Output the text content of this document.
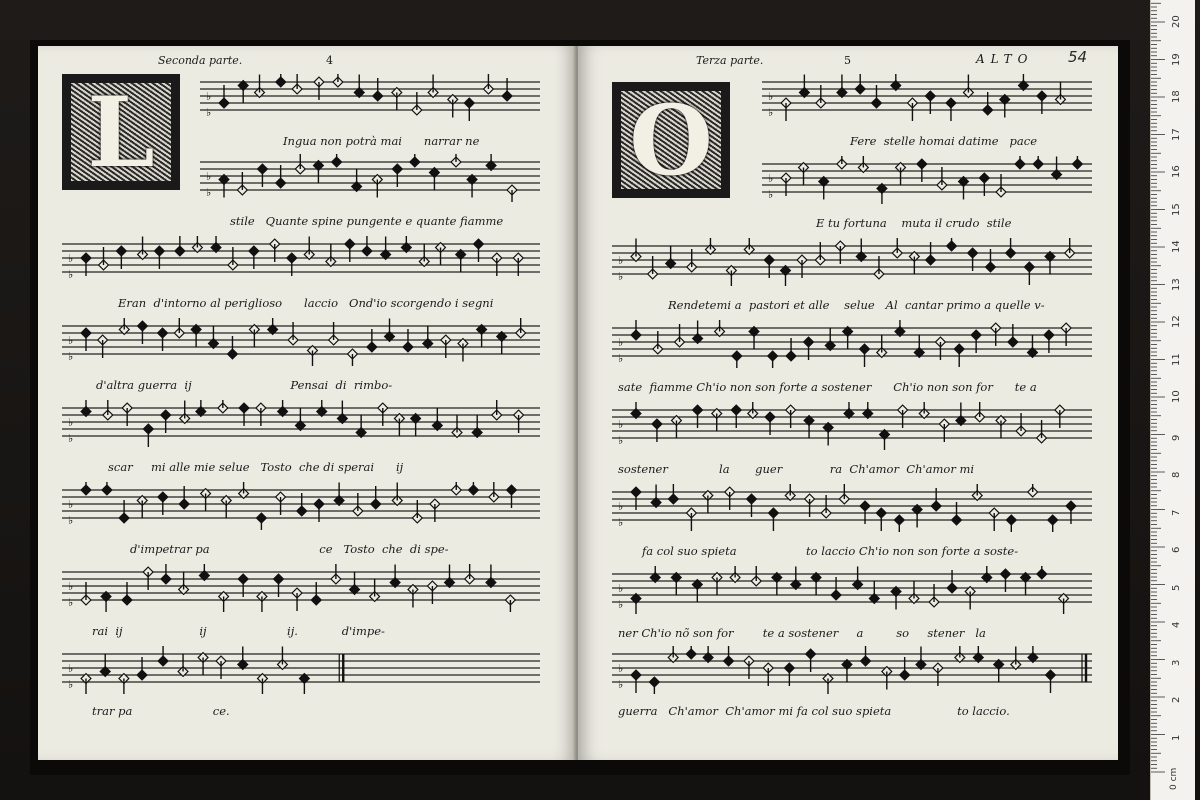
Seconda parte.	4
L	♭
♭
♭
♭
♭
♭
♭
♭
♭
♭
♭
♭
♭
♭
♭
♭
Ingua non potrà mai      narrar ne
stile   Quante spine pungente e quante fiamme
Eran  d'intorno al periglioso      laccio   Ond'io scorgendo i segni
d'altra guerra  ij                           Pensai  di  rimbo-
scar     mi alle mie selue   Tosto  che di sperai      ij
d'impetrar pa                              ce   Tosto  che  di spe-
rai  ij                     ij                      ij.            d'impe-
trar pa                      ce.
Terza parte.	5	ALTO 54
O	♭
♭
♭
♭
♭
♭
♭
♭
♭
♭
♭
♭
♭
♭
♭
♭
Fere  stelle homai datime   pace
E tu fortuna    muta il crudo  stile
Rendetemi a  pastori et alle    selue   Al  cantar primo a quelle v-
sate  fiamme Ch'io non son forte a sostener      Ch'io non son for      te a
sostener              la       guer             ra  Ch'amor  Ch'amor mi
fa col suo spieta                   to laccio Ch'io non son forte a soste-
ner Ch'io nõ son for        te a sostener     a         so     stener   la
guerra   Ch'amor  Ch'amor mi fa col suo spieta                  to laccio.
0 cm
1
2
3
4
5
6
7
8
9
10
11
12
13
14
15
16
17
18
19
20
